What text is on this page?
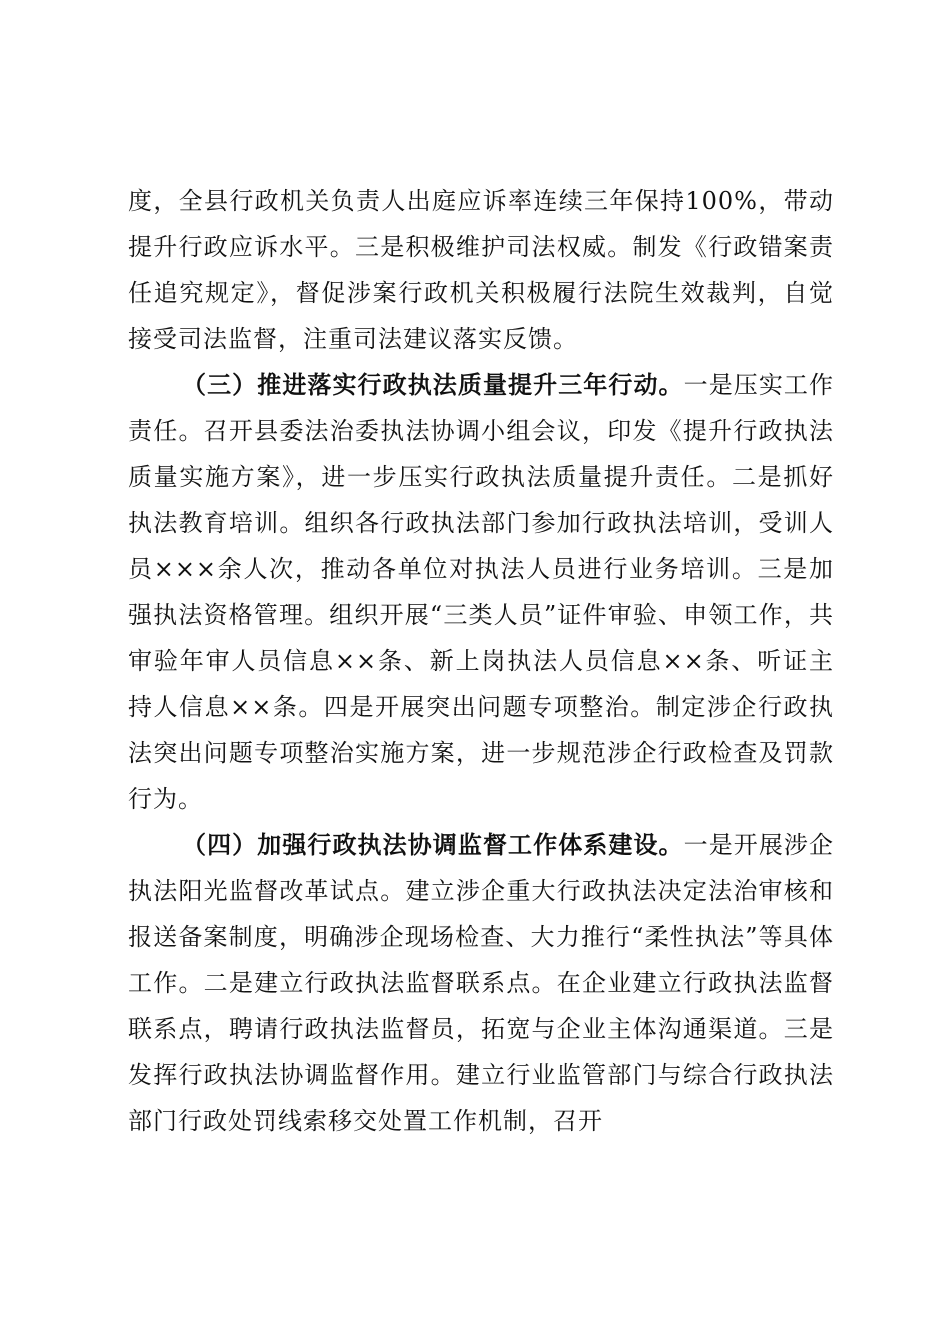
度，全县行政机关负责人出庭应诉率连续三年保持100%，带动提升行政应诉水平。三是积极维护司法权威。制发《行政错案责任追究规定》，督促涉案行政机关积极履行法院生效裁判，自觉接受司法监督，注重司法建议落实反馈。

（三）推进落实行政执法质量提升三年行动。一是压实工作责任。召开县委法治委执法协调小组会议，印发《提升行政执法质量实施方案》，进一步压实行政执法质量提升责任。二是抓好执法教育培训。组织各行政执法部门参加行政执法培训，受训人员×××余人次，推动各单位对执法人员进行业务培训。三是加强执法资格管理。组织开展“三类人员”证件审验、申领工作，共审验年审人员信息××条、新上岗执法人员信息××条、听证主持人信息××条。四是开展突出问题专项整治。制定涉企行政执法突出问题专项整治实施方案，进一步规范涉企行政检查及罚款行为。

（四）加强行政执法协调监督工作体系建设。一是开展涉企执法阳光监督改革试点。建立涉企重大行政执法决定法治审核和报送备案制度，明确涉企现场检查、大力推行“柔性执法”等具体工作。二是建立行政执法监督联系点。在企业建立行政执法监督联系点，聘请行政执法监督员，拓宽与企业主体沟通渠道。三是发挥行政执法协调监督作用。建立行业监管部门与综合行政执法部门行政处罚线索移交处置工作机制，召开
